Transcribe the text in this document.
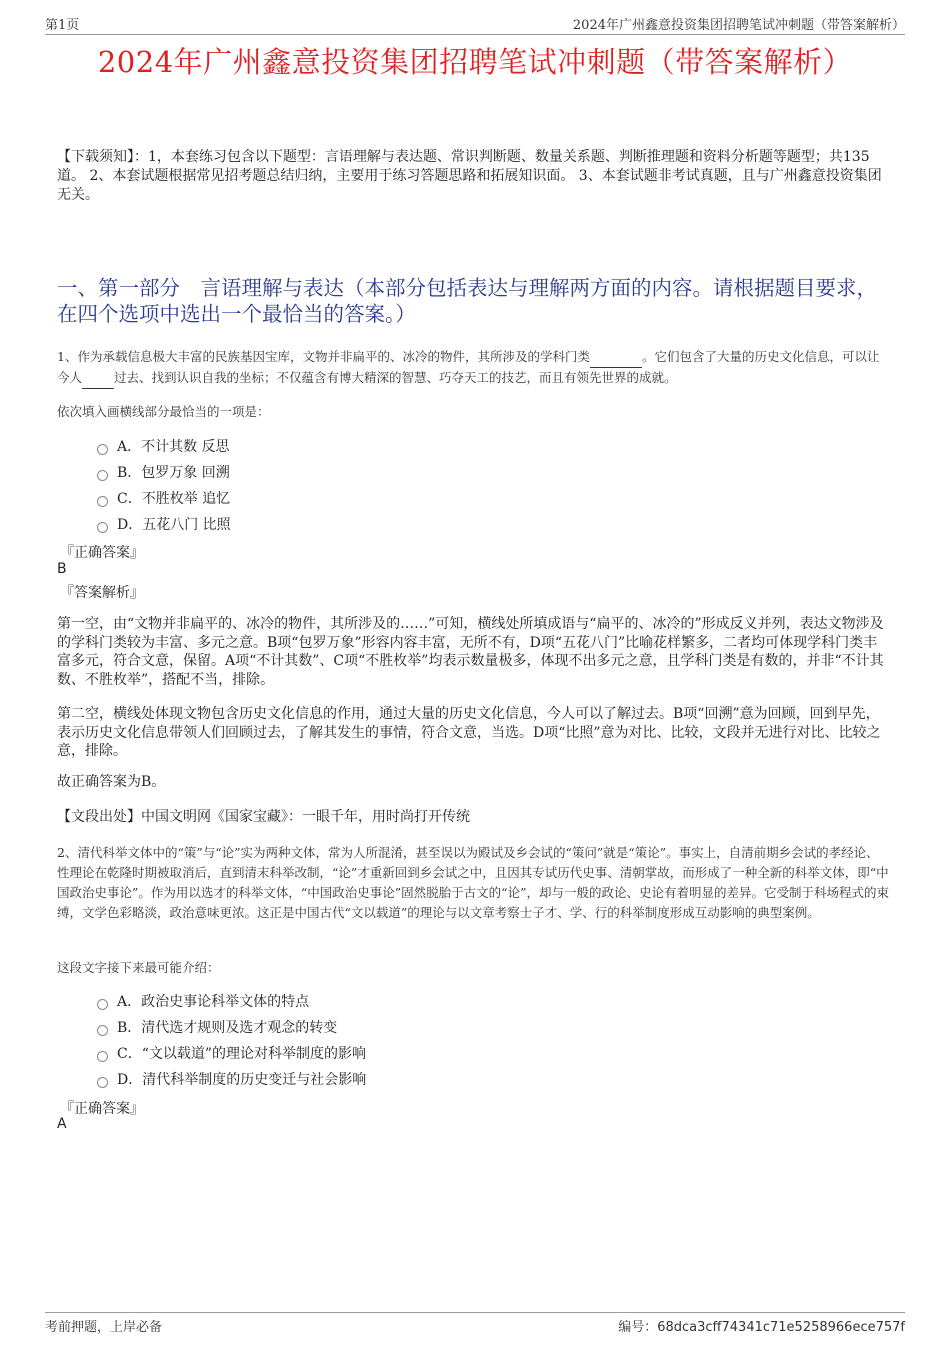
第1页	2024年广州鑫意投资集团招聘笔试冲刺题（带答案解析）
2024年广州鑫意投资集团招聘笔试冲刺题（带答案解析）
【下载须知】：1，本套练习包含以下题型：言语理解与表达题、常识判断题、数量关系题、判断推理题和资料分析题等题型；共135道。 2、本套试题根据常见招考题总结归纳，主要用于练习答题思路和拓展知识面。 3、本套试题非考试真题，且与广州鑫意投资集团无关。
一、第一部分　言语理解与表达（本部分包括表达与理解两方面的内容。请根据题目要求，在四个选项中选出一个最恰当的答案。）
1、作为承载信息极大丰富的民族基因宝库，文物并非扁平的、冰冷的物件，其所涉及的学科门类	。它们包含了大量的历史文化信息，可以让今人	过去、找到认识自我的坐标；不仅蕴含有博大精深的智慧、巧夺天工的技艺，而且有领先世界的成就。
依次填入画横线部分最恰当的一项是：
A．不计其数 反思
B．包罗万象 回溯
C．不胜枚举 追忆
D．五花八门 比照
『正确答案』
B
『答案解析』
第一空，由“文物并非扁平的、冰冷的物件，其所涉及的……”可知，横线处所填成语与“扁平的、冰冷的”形成反义并列，表达文物涉及的学科门类较为丰富、多元之意。B项“包罗万象”形容内容丰富，无所不有，D项“五花八门”比喻花样繁多，二者均可体现学科门类丰富多元，符合文意，保留。A项“不计其数”、C项“不胜枚举”均表示数量极多，体现不出多元之意，且学科门类是有数的，并非“不计其数、不胜枚举”，搭配不当，排除。
第二空，横线处体现文物包含历史文化信息的作用，通过大量的历史文化信息，今人可以了解过去。B项“回溯”意为回顾，回到早先，表示历史文化信息带领人们回顾过去，了解其发生的事情，符合文意，当选。D项“比照”意为对比、比较，文段并无进行对比、比较之意，排除。
故正确答案为B。
【文段出处】中国文明网《国家宝藏》：一眼千年，用时尚打开传统
2、清代科举文体中的“策”与“论”实为两种文体，常为人所混淆，甚至误以为殿试及乡会试的“策问”就是“策论”。事实上，自清前期乡会试的孝经论、性理论在乾隆时期被取消后，直到清末科举改制，“论”才重新回到乡会试之中，且因其专试历代史事、清朝掌故，而形成了一种全新的科举文体，即“中国政治史事论”。作为用以选才的科举文体，“中国政治史事论”固然脱胎于古文的“论”，却与一般的政论、史论有着明显的差异。它受制于科场程式的束缚，文学色彩略淡，政治意味更浓。这正是中国古代“文以载道”的理论与以文章考察士子才、学、行的科举制度形成互动影响的典型案例。
这段文字接下来最可能介绍：
A．政治史事论科举文体的特点
B．清代选才规则及选才观念的转变
C．“文以载道”的理论对科举制度的影响
D．清代科举制度的历史变迁与社会影响
『正确答案』
A
考前押题，上岸必备	编号：68dca3cff74341c71e5258966ece757f
